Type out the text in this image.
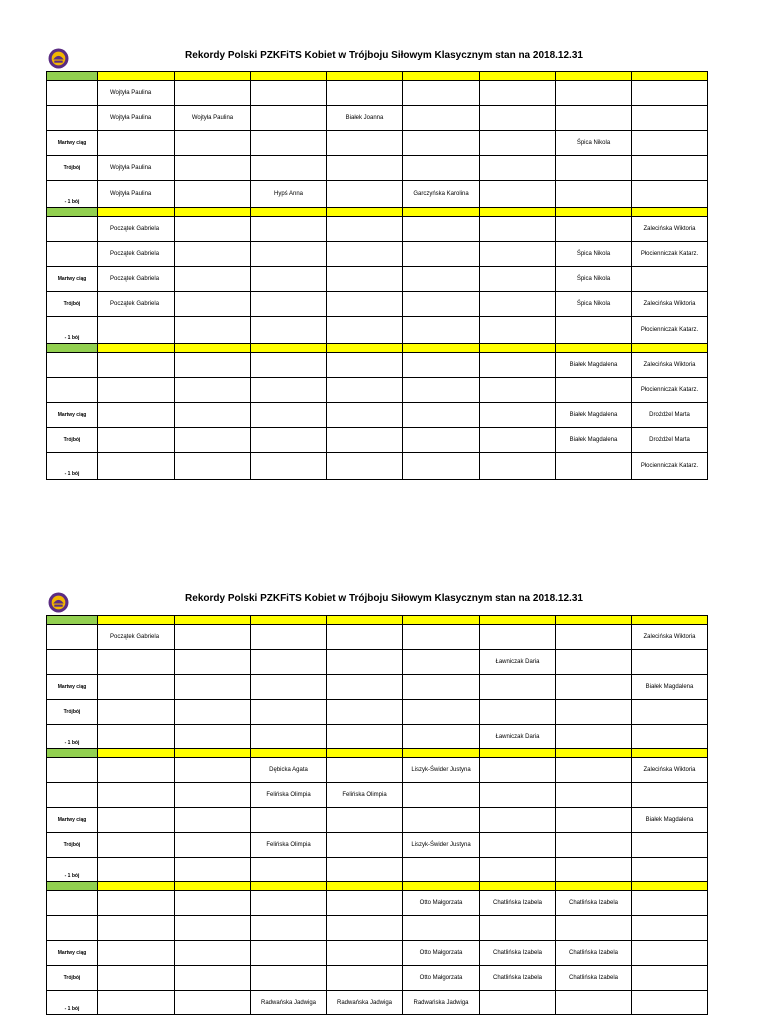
Rekordy Polski PZKFiTS Kobiet w Trójboju Siłowym Klasycznym stan na 2018.12.31

	Wojtyła Paulina							
	Wojtyła Paulina	Wojtyła Paulina		Białek Joanna				
Martwy ciąg							Śpica Nikola	
Trójbój	Wojtyła Paulina							
- 1 bój	Wojtyła Paulina		Hypś Anna		Garczyńska Karolina			

	Początek Gabriela							Zalecińska Wiktoria
	Początek Gabriela						Śpica Nikola	Płocienniczak Katarz.
Martwy ciąg	Początek Gabriela						Śpica Nikola	
Trójbój	Początek Gabriela						Śpica Nikola	Zalecińska Wiktoria
- 1 bój								Płocienniczak Katarz.

							Białek Magdalena	Zalecińska Wiktoria
								Płocienniczak Katarz.
Martwy ciąg							Białek Magdalena	Drożdżel Marta
Trójbój							Białek Magdalena	Drożdżel Marta
- 1 bój								Płocienniczak Katarz.
Rekordy Polski PZKFiTS Kobiet w Trójboju Siłowym Klasycznym stan na 2018.12.31

	Początek Gabriela							Zalecińska Wiktoria
						Ławniczak Daria		
Martwy ciąg								Białek Magdalena
Trójbój								
- 1 bój						Ławniczak Daria		

			Dębicka Agata		Liszyk-Świder Justyna			Zalecińska Wiktoria
			Felińska Olimpia	Felińska Olimpia				
Martwy ciąg								Białek Magdalena
Trójbój			Felińska Olimpia		Liszyk-Świder Justyna			
- 1 bój								

					Otto Małgorzata	Chatlińska Izabela	Chatlińska Izabela	

Martwy ciąg					Otto Małgorzata	Chatlińska Izabela	Chatlińska Izabela	
Trójbój					Otto Małgorzata	Chatlińska Izabela	Chatlińska Izabela	
- 1 bój			Radwańska Jadwiga	Radwańska Jadwiga	Radwańska Jadwiga			
